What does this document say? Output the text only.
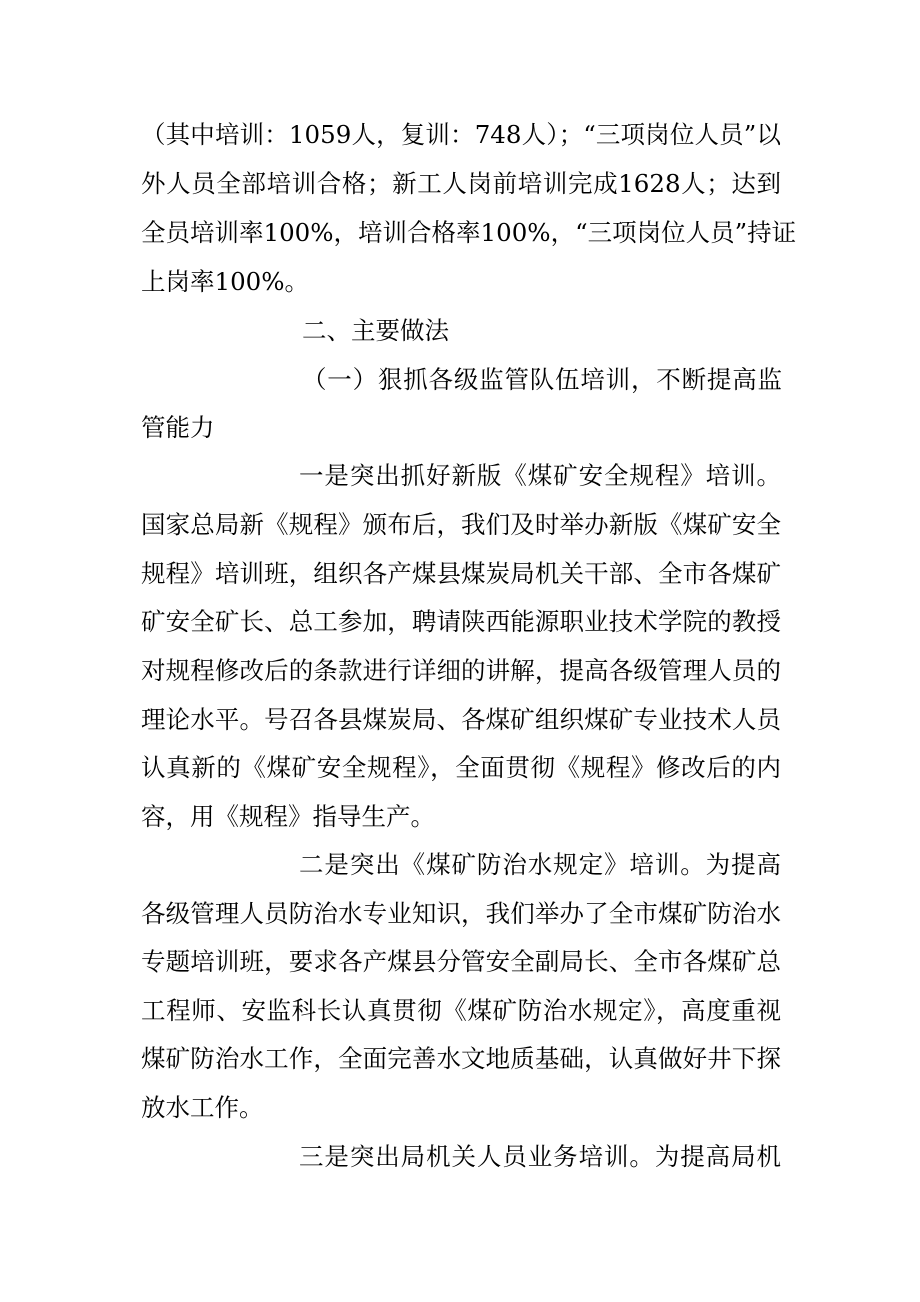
（其中培训：1059人，复训：748人）；“三项岗位人员”以
外人员全部培训合格；新工人岗前培训完成1628人；达到
全员培训率100%，培训合格率100%，“三项岗位人员”持证
上岗率100%。
二、主要做法
（一）狠抓各级监管队伍培训，不断提高监
管能力
一是突出抓好新版《煤矿安全规程》培训。
国家总局新《规程》颁布后，我们及时举办新版《煤矿安全
规程》培训班，组织各产煤县煤炭局机关干部、全市各煤矿
矿安全矿长、总工参加，聘请陕西能源职业技术学院的教授
对规程修改后的条款进行详细的讲解，提高各级管理人员的
理论水平。号召各县煤炭局、各煤矿组织煤矿专业技术人员
认真新的《煤矿安全规程》，全面贯彻《规程》修改后的内
容，用《规程》指导生产。
二是突出《煤矿防治水规定》培训。为提高
各级管理人员防治水专业知识，我们举办了全市煤矿防治水
专题培训班，要求各产煤县分管安全副局长、全市各煤矿总
工程师、安监科长认真贯彻《煤矿防治水规定》，高度重视
煤矿防治水工作，全面完善水文地质基础，认真做好井下探
放水工作。
三是突出局机关人员业务培训。为提高局机
